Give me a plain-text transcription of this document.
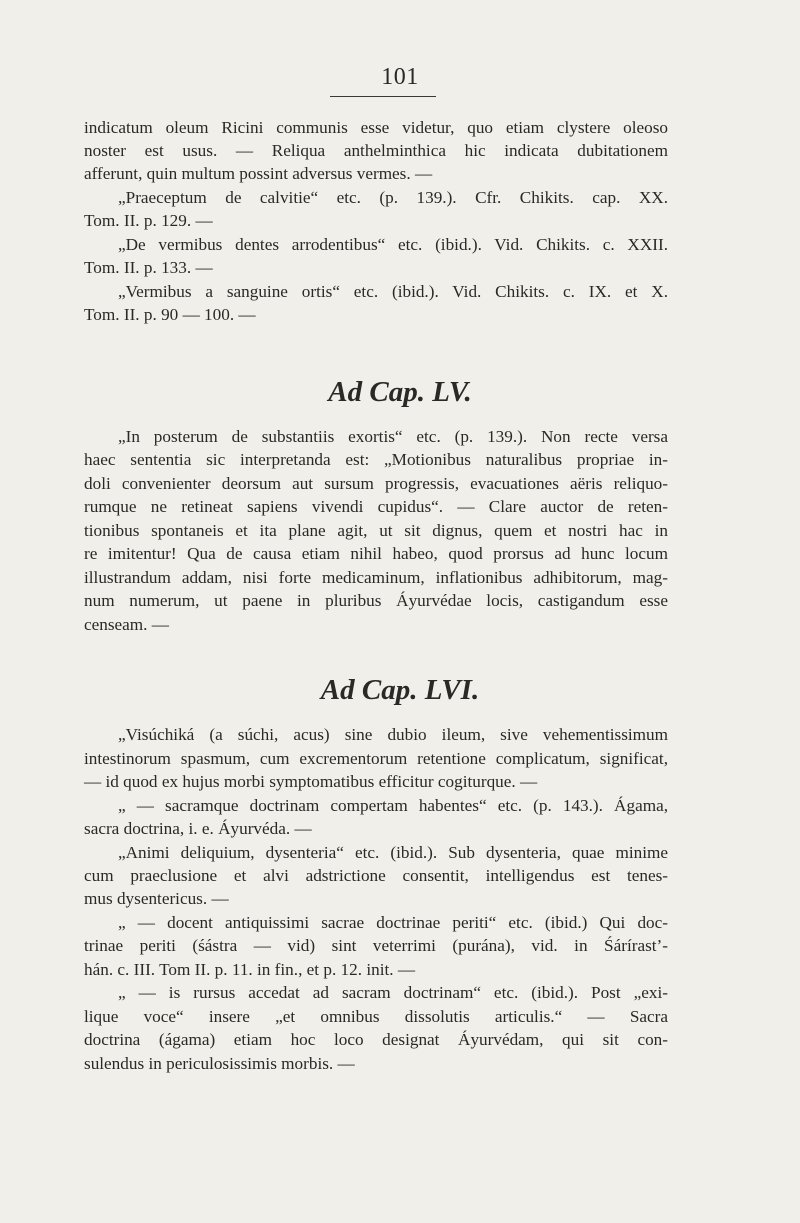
101
indicatum oleum Ricini communis esse videtur, quo etiam clystere oleoso
noster est usus. — Reliqua anthelminthica hic indicata dubitationem
afferunt, quin multum possint adversus vermes. —
„Praeceptum de calvitie“ etc. (p. 139.). Cfr. Chikits. cap. XX.
Tom. II. p. 129. —
„De vermibus dentes arrodentibus“ etc. (ibid.). Vid. Chikits. c. XXII.
Tom. II. p. 133. —
„Vermibus a sanguine ortis“ etc. (ibid.). Vid. Chikits. c. IX. et X.
Tom. II. p. 90 — 100. —
Ad Cap. LV.
„In posterum de substantiis exortis“ etc. (p. 139.). Non recte versa
haec sententia sic interpretanda est: „Motionibus naturalibus propriae in-
doli convenienter deorsum aut sursum progressis, evacuationes aëris reliquo-
rumque ne retineat sapiens vivendi cupidus“. — Clare auctor de reten-
tionibus spontaneis et ita plane agit, ut sit dignus, quem et nostri hac in
re imitentur! Qua de causa etiam nihil habeo, quod prorsus ad hunc locum
illustrandum addam, nisi forte medicaminum, inflationibus adhibitorum, mag-
num numerum, ut paene in pluribus Áyurvédae locis, castigandum esse
censeam. —
Ad Cap. LVI.
„Visúchiká (a súchi, acus) sine dubio ileum, sive vehementissimum
intestinorum spasmum, cum excrementorum retentione complicatum, significat,
— id quod ex hujus morbi symptomatibus efficitur cogiturque. —
„ — sacramque doctrinam compertam habentes“ etc. (p. 143.). Ágama,
sacra doctrina, i. e. Áyurvéda. —
„Animi deliquium, dysenteria“ etc. (ibid.). Sub dysenteria, quae minime
cum praeclusione et alvi adstrictione consentit, intelligendus est tenes-
mus dysentericus. —
„ — docent antiquissimi sacrae doctrinae periti“ etc. (ibid.) Qui doc-
trinae periti (śástra — vid) sint veterrimi (purána), vid. in Śárírast’-
hán. c. III. Tom II. p. 11. in fin., et p. 12. init. —
„ — is rursus accedat ad sacram doctrinam“ etc. (ibid.). Post „exi-
lique voce“ insere „et omnibus dissolutis articulis.“ — Sacra
doctrina (ágama) etiam hoc loco designat Áyurvédam, qui sit con-
sulendus in periculosissimis morbis. —
